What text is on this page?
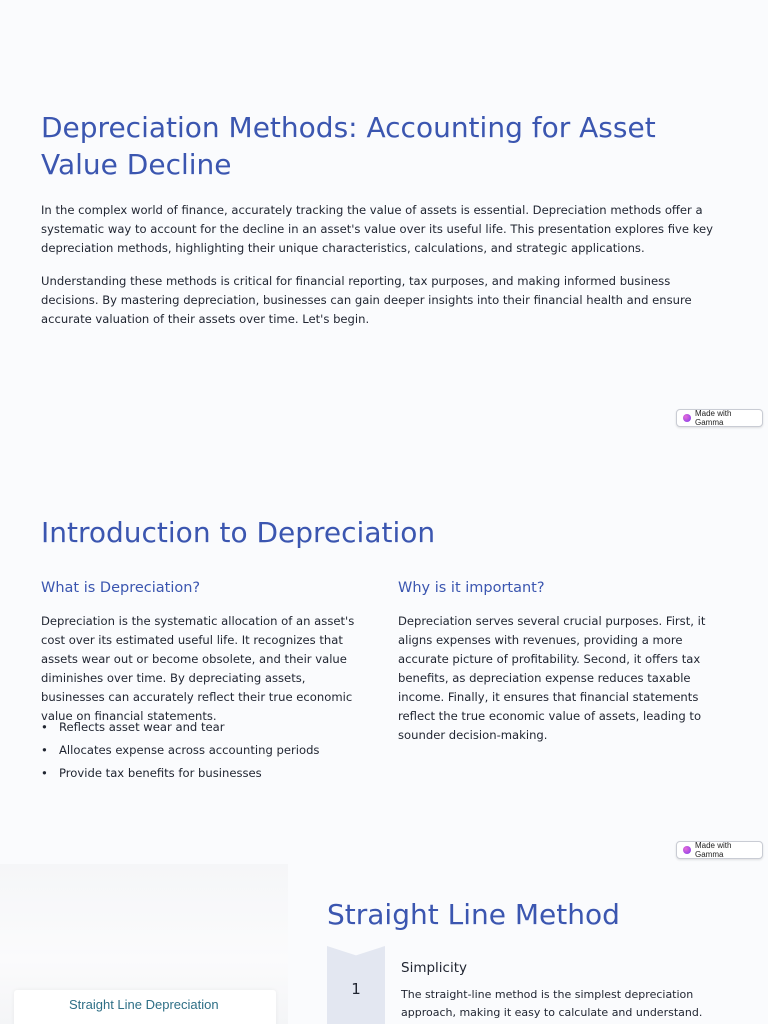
Depreciation Methods: Accounting for Asset Value Decline

In the complex world of finance, accurately tracking the value of assets is essential. Depreciation methods offer a systematic way to account for the decline in an asset's value over its useful life. This presentation explores five key depreciation methods, highlighting their unique characteristics, calculations, and strategic applications.

Understanding these methods is critical for financial reporting, tax purposes, and making informed business decisions. By mastering depreciation, businesses can gain deeper insights into their financial health and ensure accurate valuation of their assets over time. Let's begin.

Made with Gamma
Introduction to Depreciation
What is Depreciation?

Depreciation is the systematic allocation of an asset's cost over its estimated useful life. It recognizes that assets wear out or become obsolete, and their value diminishes over time. By depreciating assets, businesses can accurately reflect their true economic value on financial statements.

• Reflects asset wear and tear
• Allocates expense across accounting periods
• Provide tax benefits for businesses
Why is it important?

Depreciation serves several crucial purposes. First, it aligns expenses with revenues, providing a more accurate picture of profitability. Second, it offers tax benefits, as depreciation expense reduces taxable income. Finally, it ensures that financial statements reflect the true economic value of assets, leading to sounder decision-making.

Made with Gamma
Straight Line Depreciation
Straight Line Method
1
Simplicity

The straight-line method is the simplest depreciation approach, making it easy to calculate and understand.
